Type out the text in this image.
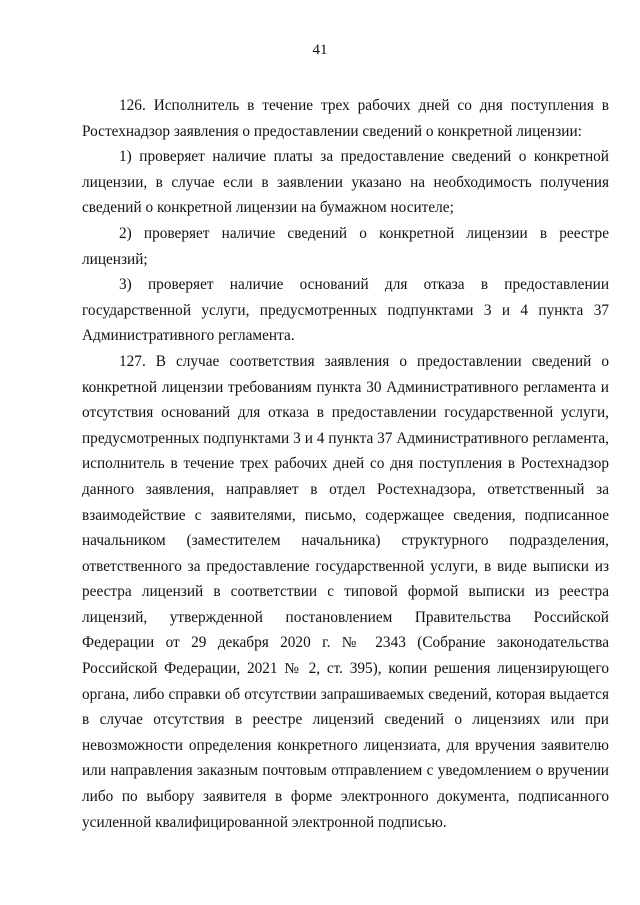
41

126. Исполнитель в течение трех рабочих дней со дня поступления в Ростехнадзор заявления о предоставлении сведений о конкретной лицензии:

1) проверяет наличие платы за предоставление сведений о конкретной лицензии, в случае если в заявлении указано на необходимость получения сведений о конкретной лицензии на бумажном носителе;

2) проверяет наличие сведений о конкретной лицензии в реестре лицензий;

3) проверяет наличие оснований для отказа в предоставлении государственной услуги, предусмотренных подпунктами 3 и 4 пункта 37 Административного регламента.

127. В случае соответствия заявления о предоставлении сведений о конкретной лицензии требованиям пункта 30 Административного регламента и отсутствия оснований для отказа в предоставлении государственной услуги, предусмотренных подпунктами 3 и 4 пункта 37 Административного регламента, исполнитель в течение трех рабочих дней со дня поступления в Ростехнадзор данного заявления, направляет в отдел Ростехнадзора, ответственный за взаимодействие с заявителями, письмо, содержащее сведения, подписанное начальником (заместителем начальника) структурного подразделения, ответственного за предоставление государственной услуги, в виде выписки из реестра лицензий в соответствии с типовой формой выписки из реестра лицензий, утвержденной постановлением Правительства Российской Федерации от 29 декабря 2020 г. № 2343 (Собрание законодательства Российской Федерации, 2021 № 2, ст. 395), копии решения лицензирующего органа, либо справки об отсутствии запрашиваемых сведений, которая выдается в случае отсутствия в реестре лицензий сведений о лицензиях или при невозможности определения конкретного лицензиата, для вручения заявителю или направления заказным почтовым отправлением с уведомлением о вручении либо по выбору заявителя в форме электронного документа, подписанного усиленной квалифицированной электронной подписью.
